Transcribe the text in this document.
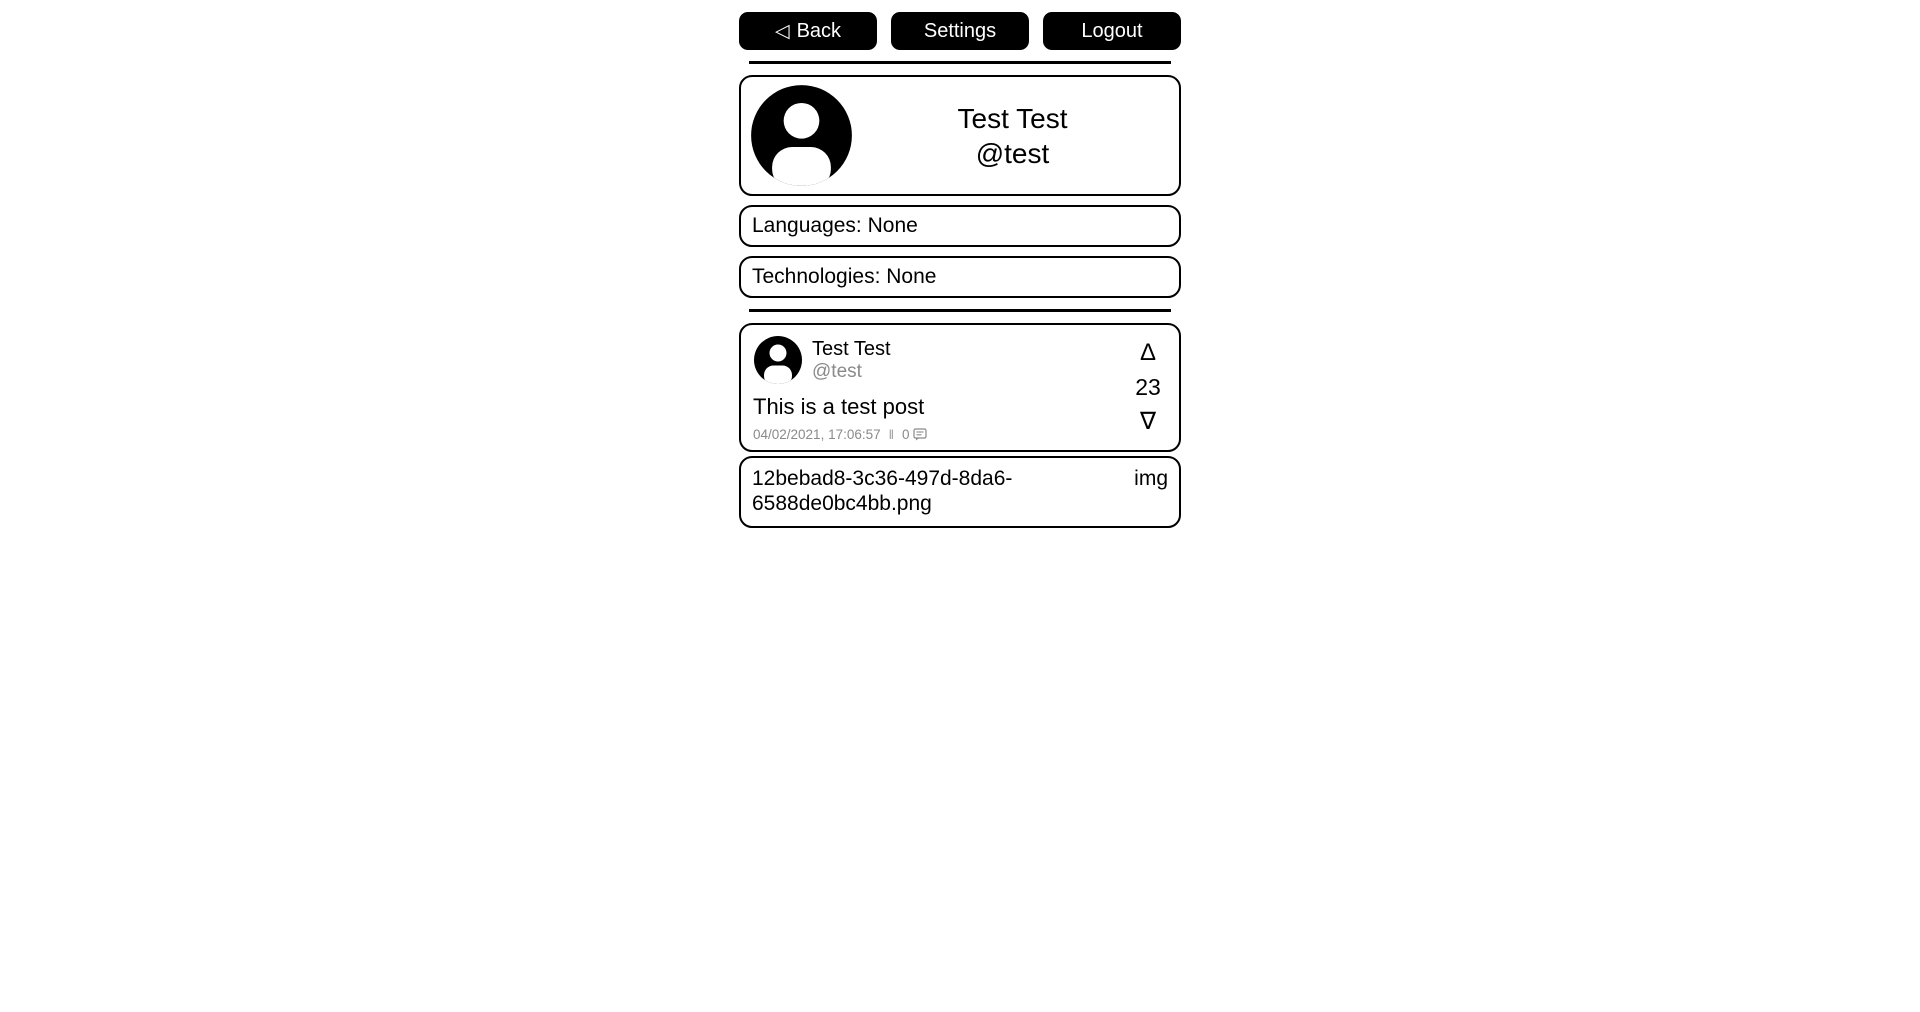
◁ Back	Settings	Logout
Test Test
@test
Languages: None
Technologies: None
Test Test
@test
This is a test post
04/02/2021, 17:06:57 ‖ 0
Δ
23
∇
12bebad8-3c36-497d-8da6-6588de0bc4bb.png
img
